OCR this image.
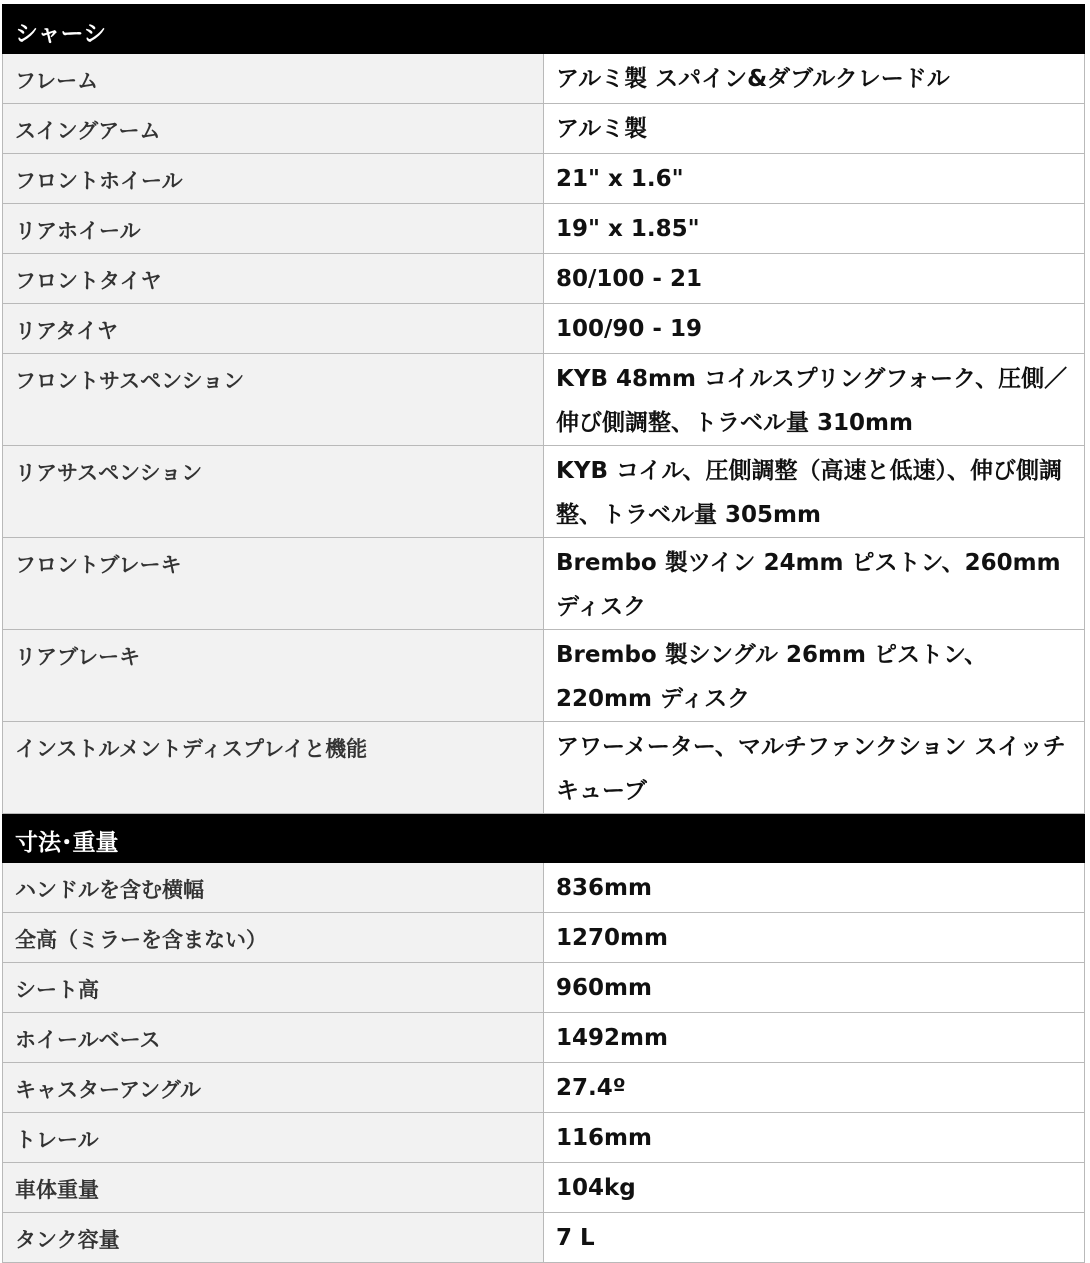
シャーシ	
フレーム	アルミ製 スパイン&ダブルクレードル
スイングアーム	アルミ製
フロントホイール	21" x 1.6"
リアホイール	19" x 1.85"
フロントタイヤ	80/100 - 21
リアタイヤ	100/90 - 19
フロントサスペンション	KYB 48mm コイルスプリングフォーク、圧側／伸び側調整、トラベル量 310mm
リアサスペンション	KYB コイル、圧側調整（高速と低速）、伸び側調整、トラベル量 305mm
フロントブレーキ	Brembo 製ツイン 24mm ピストン、260mm ディスク
リアブレーキ	Brembo 製シングル 26mm ピストン、220mm ディスク
インストルメントディスプレイと機能	アワーメーター、マルチファンクション スイッチキューブ
寸法･重量	
ハンドルを含む横幅	836mm
全高（ミラーを含まない）	1270mm
シート高	960mm
ホイールベース	1492mm
キャスターアングル	27.4º
トレール	116mm
車体重量	104kg
タンク容量	7 L
